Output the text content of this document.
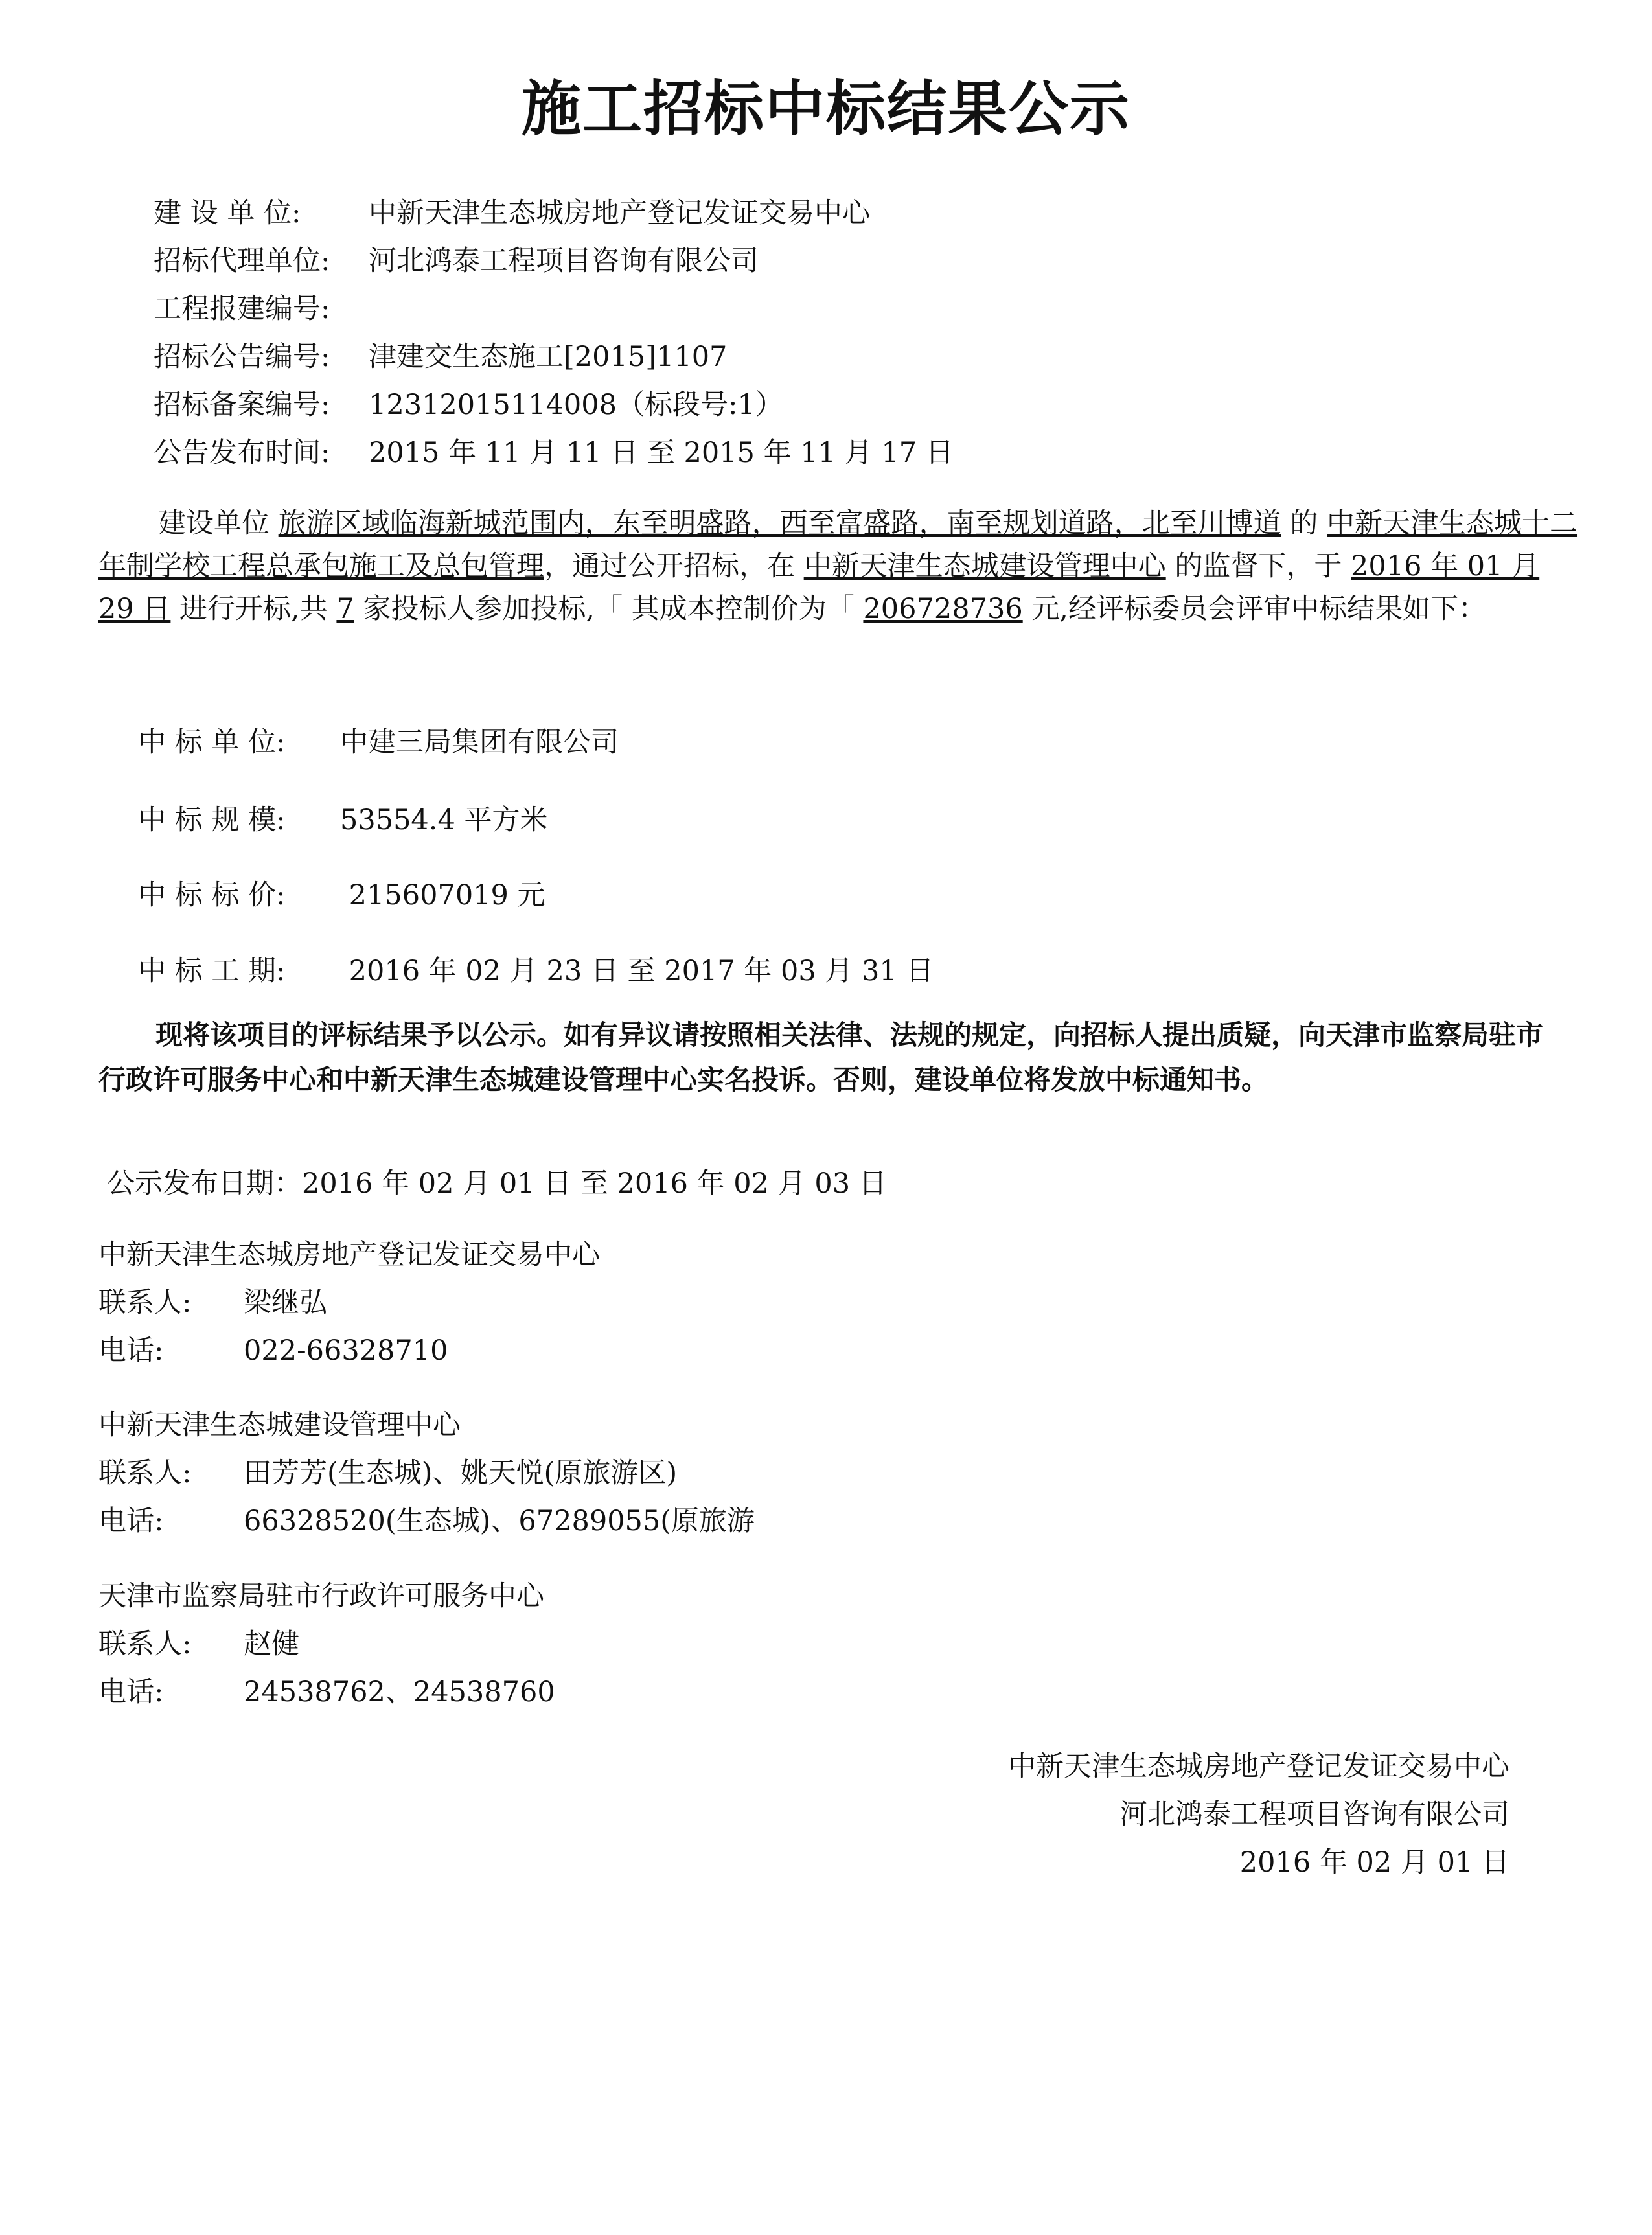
施工招标中标结果公示
建 设 单 位: 中新天津生态城房地产登记发证交易中心
招标代理单位: 河北鸿泰工程项目咨询有限公司
工程报建编号:
招标公告编号: 津建交生态施工[2015]1107
招标备案编号: 12312015114008（标段号:1）
公告发布时间: 2015 年 11 月 11 日 至 2015 年 11 月 17 日

建设单位 旅游区域临海新城范围内，东至明盛路，西至富盛路，南至规划道路，北至川博道 的 中新天津生态城十二年制学校工程总承包施工及总包管理，通过公开招标，在 中新天津生态城建设管理中心 的监督下，于 2016 年 01 月 29 日 进行开标,共 7 家投标人参加投标,「 其成本控制价为「 206728736 元,经评标委员会评审中标结果如下：

中 标 单 位: 中建三局集团有限公司
中 标 规 模: 53554.4 平方米
中 标 标 价: 215607019 元
中 标 工 期: 2016 年 02 月 23 日 至 2017 年 03 月 31 日

现将该项目的评标结果予以公示。如有异议请按照相关法律、法规的规定，向招标人提出质疑，向天津市监察局驻市行政许可服务中心和中新天津生态城建设管理中心实名投诉。否则，建设单位将发放中标通知书。

公示发布日期：2016 年 02 月 01 日 至 2016 年 02 月 03 日
中新天津生态城房地产登记发证交易中心
联系人: 梁继弘
电话:	022-66328710
中新天津生态城建设管理中心
联系人: 田芳芳(生态城)、姚天悦(原旅游区)
电话:	66328520(生态城)、67289055(原旅游
天津市监察局驻市行政许可服务中心
联系人: 赵健
电话:	24538762、24538760
中新天津生态城房地产登记发证交易中心
河北鸿泰工程项目咨询有限公司
2016 年 02 月 01 日
